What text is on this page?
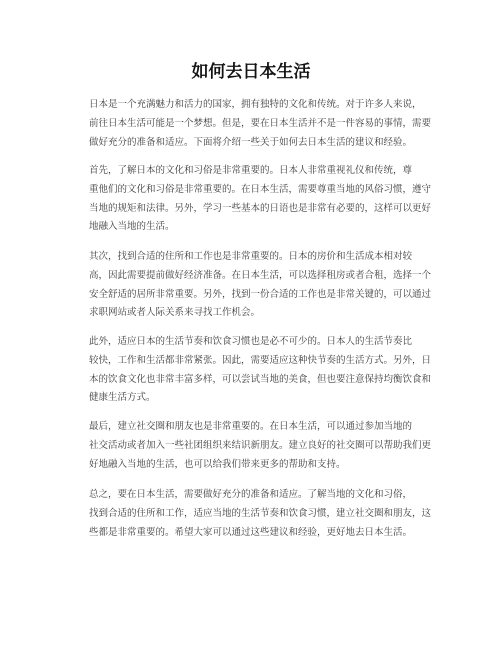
如何去日本生活

日本是一个充满魅力和活力的国家，拥有独特的文化和传统。对于许多人来说，
前往日本生活可能是一个梦想。但是，要在日本生活并不是一件容易的事情，需要
做好充分的准备和适应。下面将介绍一些关于如何去日本生活的建议和经验。

首先，了解日本的文化和习俗是非常重要的。日本人非常重视礼仪和传统，尊
重他们的文化和习俗是非常重要的。在日本生活，需要尊重当地的风俗习惯，遵守
当地的规矩和法律。另外，学习一些基本的日语也是非常有必要的，这样可以更好
地融入当地的生活。

其次，找到合适的住所和工作也是非常重要的。日本的房价和生活成本相对较
高，因此需要提前做好经济准备。在日本生活，可以选择租房或者合租，选择一个
安全舒适的居所非常重要。另外，找到一份合适的工作也是非常关键的，可以通过
求职网站或者人际关系来寻找工作机会。

此外，适应日本的生活节奏和饮食习惯也是必不可少的。日本人的生活节奏比
较快，工作和生活都非常紧张。因此，需要适应这种快节奏的生活方式。另外，日
本的饮食文化也非常丰富多样，可以尝试当地的美食，但也要注意保持均衡饮食和
健康生活方式。

最后，建立社交圈和朋友也是非常重要的。在日本生活，可以通过参加当地的
社交活动或者加入一些社团组织来结识新朋友。建立良好的社交圈可以帮助我们更
好地融入当地的生活，也可以给我们带来更多的帮助和支持。

总之，要在日本生活，需要做好充分的准备和适应。了解当地的文化和习俗，
找到合适的住所和工作，适应当地的生活节奏和饮食习惯，建立社交圈和朋友，这
些都是非常重要的。希望大家可以通过这些建议和经验，更好地去日本生活。
